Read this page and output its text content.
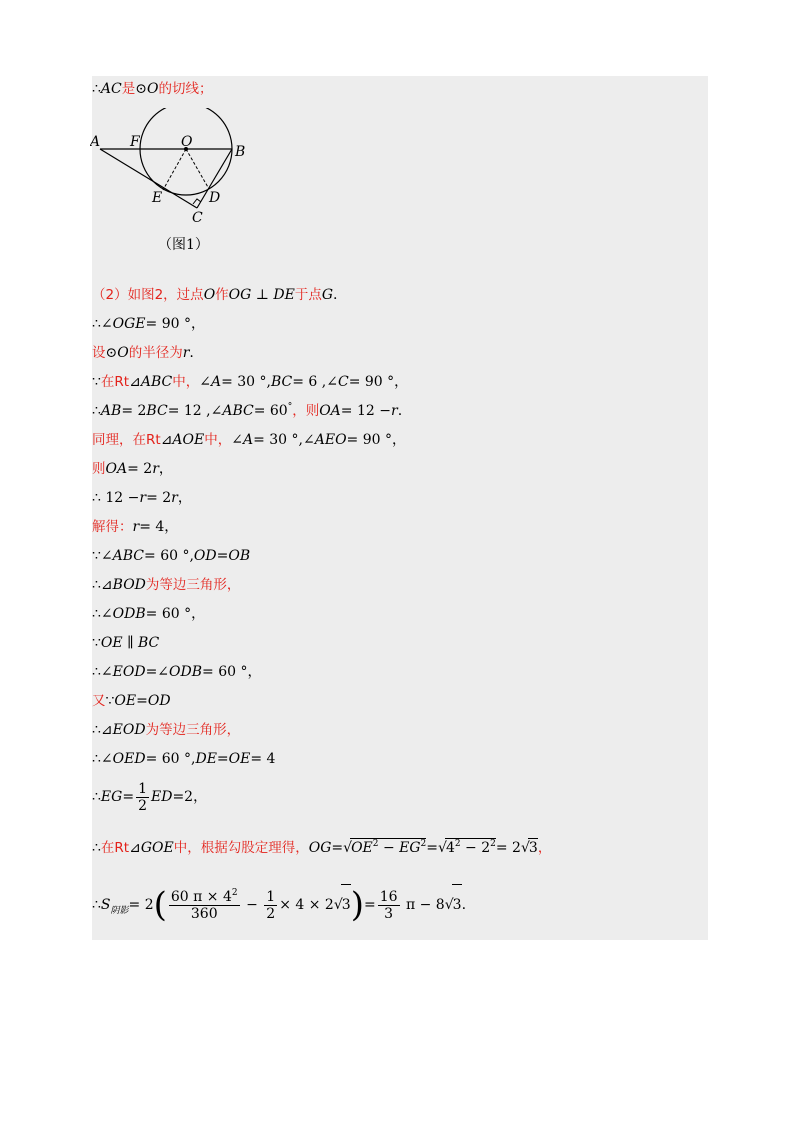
∴AC是⊙O的切线；
A F	O
B
E	D
C
（图1）
（2）如图2，过点O作OG ⊥ DE于点G.
∴∠OGE= 90 °，
设⊙O的半径为r.
∵在Rt⊿ABC中，∠A= 30 °,BC= 6 ,∠C= 90 °，
∴AB= 2BC= 12 ,∠ABC= 60°，则OA= 12 −r.
同理，在Rt⊿AOE中，∠A= 30 °,∠AEO= 90 °，
则OA= 2r，
∴ 12 −r= 2r，
解得：r= 4，
∵∠ABC= 60 °,OD=OB
∴⊿BOD为等边三角形，
∴∠ODB= 60 °，
∵OE ∥ BC
∴∠EOD=∠ODB= 60 °，
又∵OE=OD
∴⊿EOD为等边三角形，
∴∠OED= 60 °,DE=OE= 4
∴EG= $\frac{1}{2} ED=2$，
∴在Rt⊿GOE中，根据勾股定理得，$OG=√OE^2 - EG^2=√4^2 - 2^2= 2√3$，
$\therefore S_{阴影}= 2( \frac{60 \pi \times 4^2}{360} - \frac{1}{2} \times 4 \times 2√3)= \frac{16}{3}$ π − 8√3.
